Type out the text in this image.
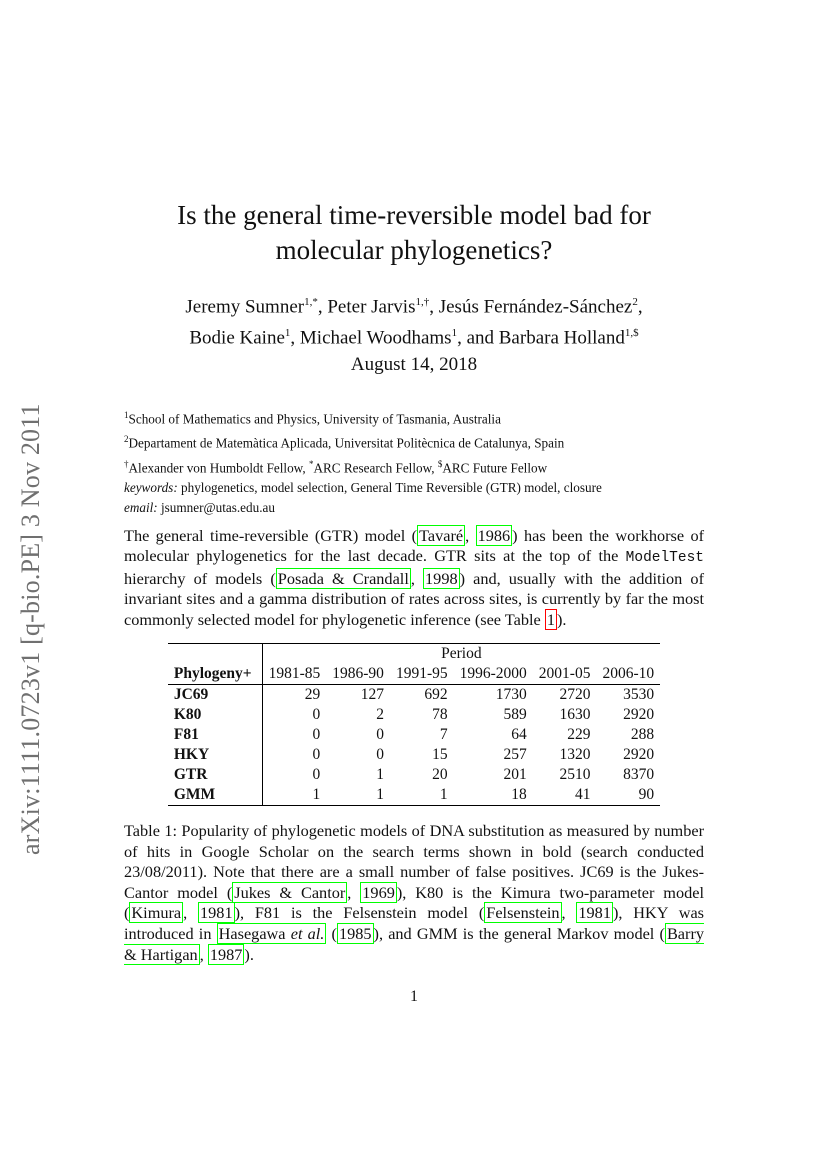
arXiv:1111.0723v1 [q-bio.PE] 3 Nov 2011
Is the general time-reversible model bad for
molecular phylogenetics?
Jeremy Sumner$^{1,*}$, Peter Jarvis$^{1,\dagger}$, Jesús Fernández-Sánchez$^2$,
Bodie Kaine$^1$, Michael Woodhams$^1$, and Barbara Holland$^{1,\$}$
August 14, 2018
$^1$School of Mathematics and Physics, University of Tasmania, Australia
$^2$Departament de Matemàtica Aplicada, Universitat Politècnica de Catalunya, Spain
†Alexander von Humboldt Fellow, *ARC Research Fellow, $ARC Future Fellow
keywords: phylogenetics, model selection, General Time Reversible (GTR) model, closure
email: jsumner@utas.edu.au
The general time-reversible (GTR) model ( Tavaré , 1986 ) has been the workhorse of molecular phylogenetics for the last decade. GTR sits at the top of the ModelTest hierarchy of models ( Posada & Crandall , 1998 ) and, usually with the addition of invariant sites and a gamma distribution of rates across sites, is currently by far the most commonly selected model for phylogenetic inference (see Table 1 ).
	Period					
Phylogeny+	1981-85	1986-90	1991-95	1996-2000	2001-05	2006-10
JC69	29	127	692	1730	2720	3530
K80	0	2	78	589	1630	2920
F81	0	0	7	64	229	288
HKY	0	0	15	257	1320	2920
GTR	0	1	20	201	2510	8370
GMM	1	1	1	18	41	90
Table 1: Popularity of phylogenetic models of DNA substitution as measured by number of hits in Google Scholar on the search terms shown in bold (search conducted 23/08/2011). Note that there are a small number of false positives. JC69 is the Jukes-Cantor model ( Jukes & Cantor , 1969 ), K80 is the Kimura two-parameter model ( Kimura , 1981 ), F81 is the Felsenstein model ( Felsenstein , 1981 ), HKY was introduced in Hasegawa et al. ( 1985 ), and GMM is the general Markov model ( Barry & Hartigan , 1987 ).
1
